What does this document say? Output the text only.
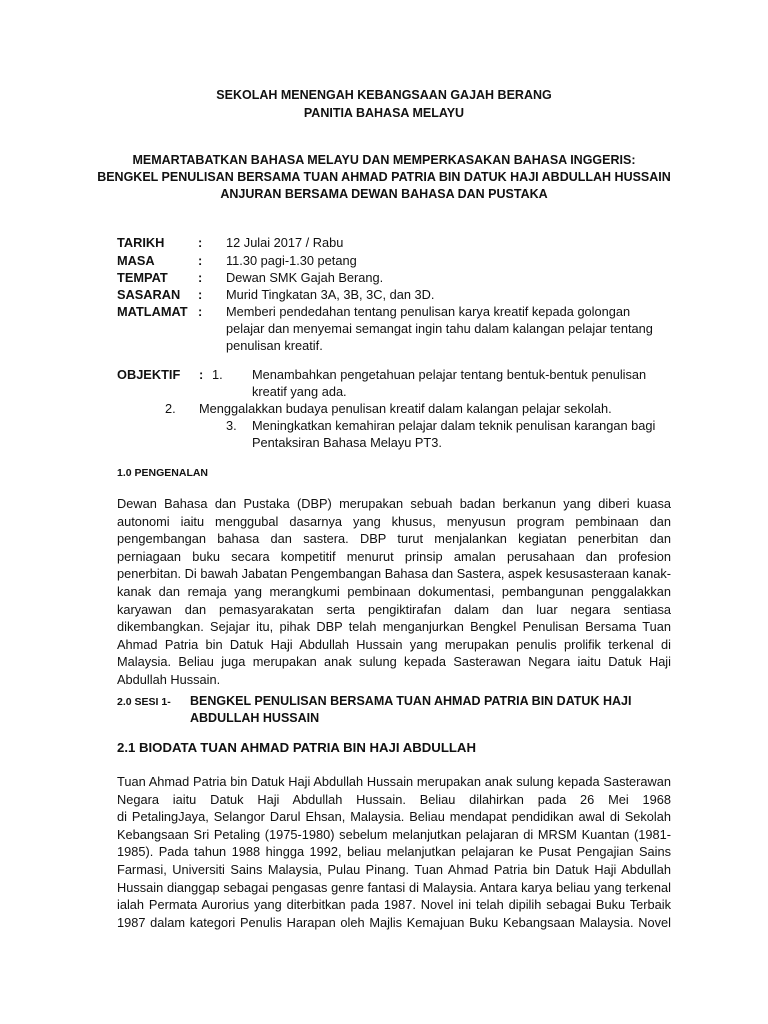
SEKOLAH MENENGAH KEBANGSAAN GAJAH BERANG
PANITIA BAHASA MELAYU
MEMARTABATKAN BAHASA MELAYU DAN MEMPERKASAKAN BAHASA INGGERIS:
BENGKEL PENULISAN BERSAMA TUAN AHMAD PATRIA BIN DATUK HAJI ABDULLAH HUSSAIN
ANJURAN BERSAMA DEWAN BAHASA DAN PUSTAKA
TARIKH	: 12 Julai 2017 / Rabu
MASA	: 11.30 pagi-1.30 petang
TEMPAT : Dewan SMK Gajah Berang.
SASARAN : Murid Tingkatan 3A, 3B, 3C, dan 3D.
MATLAMAT : Memberi pendedahan tentang penulisan karya kreatif kepada golongan
pelajar dan menyemai semangat ingin tahu dalam kalangan pelajar tentang
penulisan kreatif.
OBJEKTIF : 1. Menambahkan pengetahuan pelajar tentang bentuk-bentuk penulisan
kreatif yang ada.
2. Menggalakkan budaya penulisan kreatif dalam kalangan pelajar sekolah.
3. Meningkatkan kemahiran pelajar dalam teknik penulisan karangan bagi
Pentaksiran Bahasa Melayu PT3.
1.0 PENGENALAN
Dewan Bahasa dan Pustaka (DBP) merupakan sebuah badan berkanun yang diberi kuasa
autonomi iaitu menggubal dasarnya yang khusus, menyusun program pembinaan dan
pengembangan bahasa dan sastera. DBP turut menjalankan kegiatan penerbitan dan
perniagaan buku secara kompetitif menurut prinsip amalan perusahaan dan profesion
penerbitan. Di bawah Jabatan Pengembangan Bahasa dan Sastera, aspek kesusasteraan kanak-
kanak dan remaja yang merangkumi pembinaan dokumentasi, pembangunan penggalakkan
karyawan dan pemasyarakatan serta pengiktirafan dalam dan luar negara sentiasa
dikembangkan. Sejajar itu, pihak DBP telah menganjurkan Bengkel Penulisan Bersama Tuan
Ahmad Patria bin Datuk Haji Abdullah Hussain yang merupakan penulis prolifik terkenal di
Malaysia. Beliau juga merupakan anak sulung kepada Sasterawan Negara iaitu Datuk Haji
Abdullah Hussain.
2.0 SESI 1- BENGKEL PENULISAN BERSAMA TUAN AHMAD PATRIA BIN DATUK HAJI
ABDULLAH HUSSAIN
2.1 BIODATA TUAN AHMAD PATRIA BIN HAJI ABDULLAH
Tuan Ahmad Patria bin Datuk Haji Abdullah Hussain merupakan anak sulung kepada Sasterawan
Negara iaitu Datuk Haji Abdullah Hussain. Beliau dilahirkan pada 26 Mei 1968
di PetalingJaya, Selangor Darul Ehsan, Malaysia. Beliau mendapat pendidikan awal di Sekolah
Kebangsaan Sri Petaling (1975-1980) sebelum melanjutkan pelajaran di MRSM Kuantan (1981-
1985). Pada tahun 1988 hingga 1992, beliau melanjutkan pelajaran ke Pusat Pengajian Sains
Farmasi, Universiti Sains Malaysia, Pulau Pinang. Tuan Ahmad Patria bin Datuk Haji Abdullah
Hussain dianggap sebagai pengasas genre fantasi di Malaysia. Antara karya beliau yang terkenal
ialah Permata Aurorius yang diterbitkan pada 1987. Novel ini telah dipilih sebagai Buku Terbaik
1987 dalam kategori Penulis Harapan oleh Majlis Kemajuan Buku Kebangsaan Malaysia. Novel
